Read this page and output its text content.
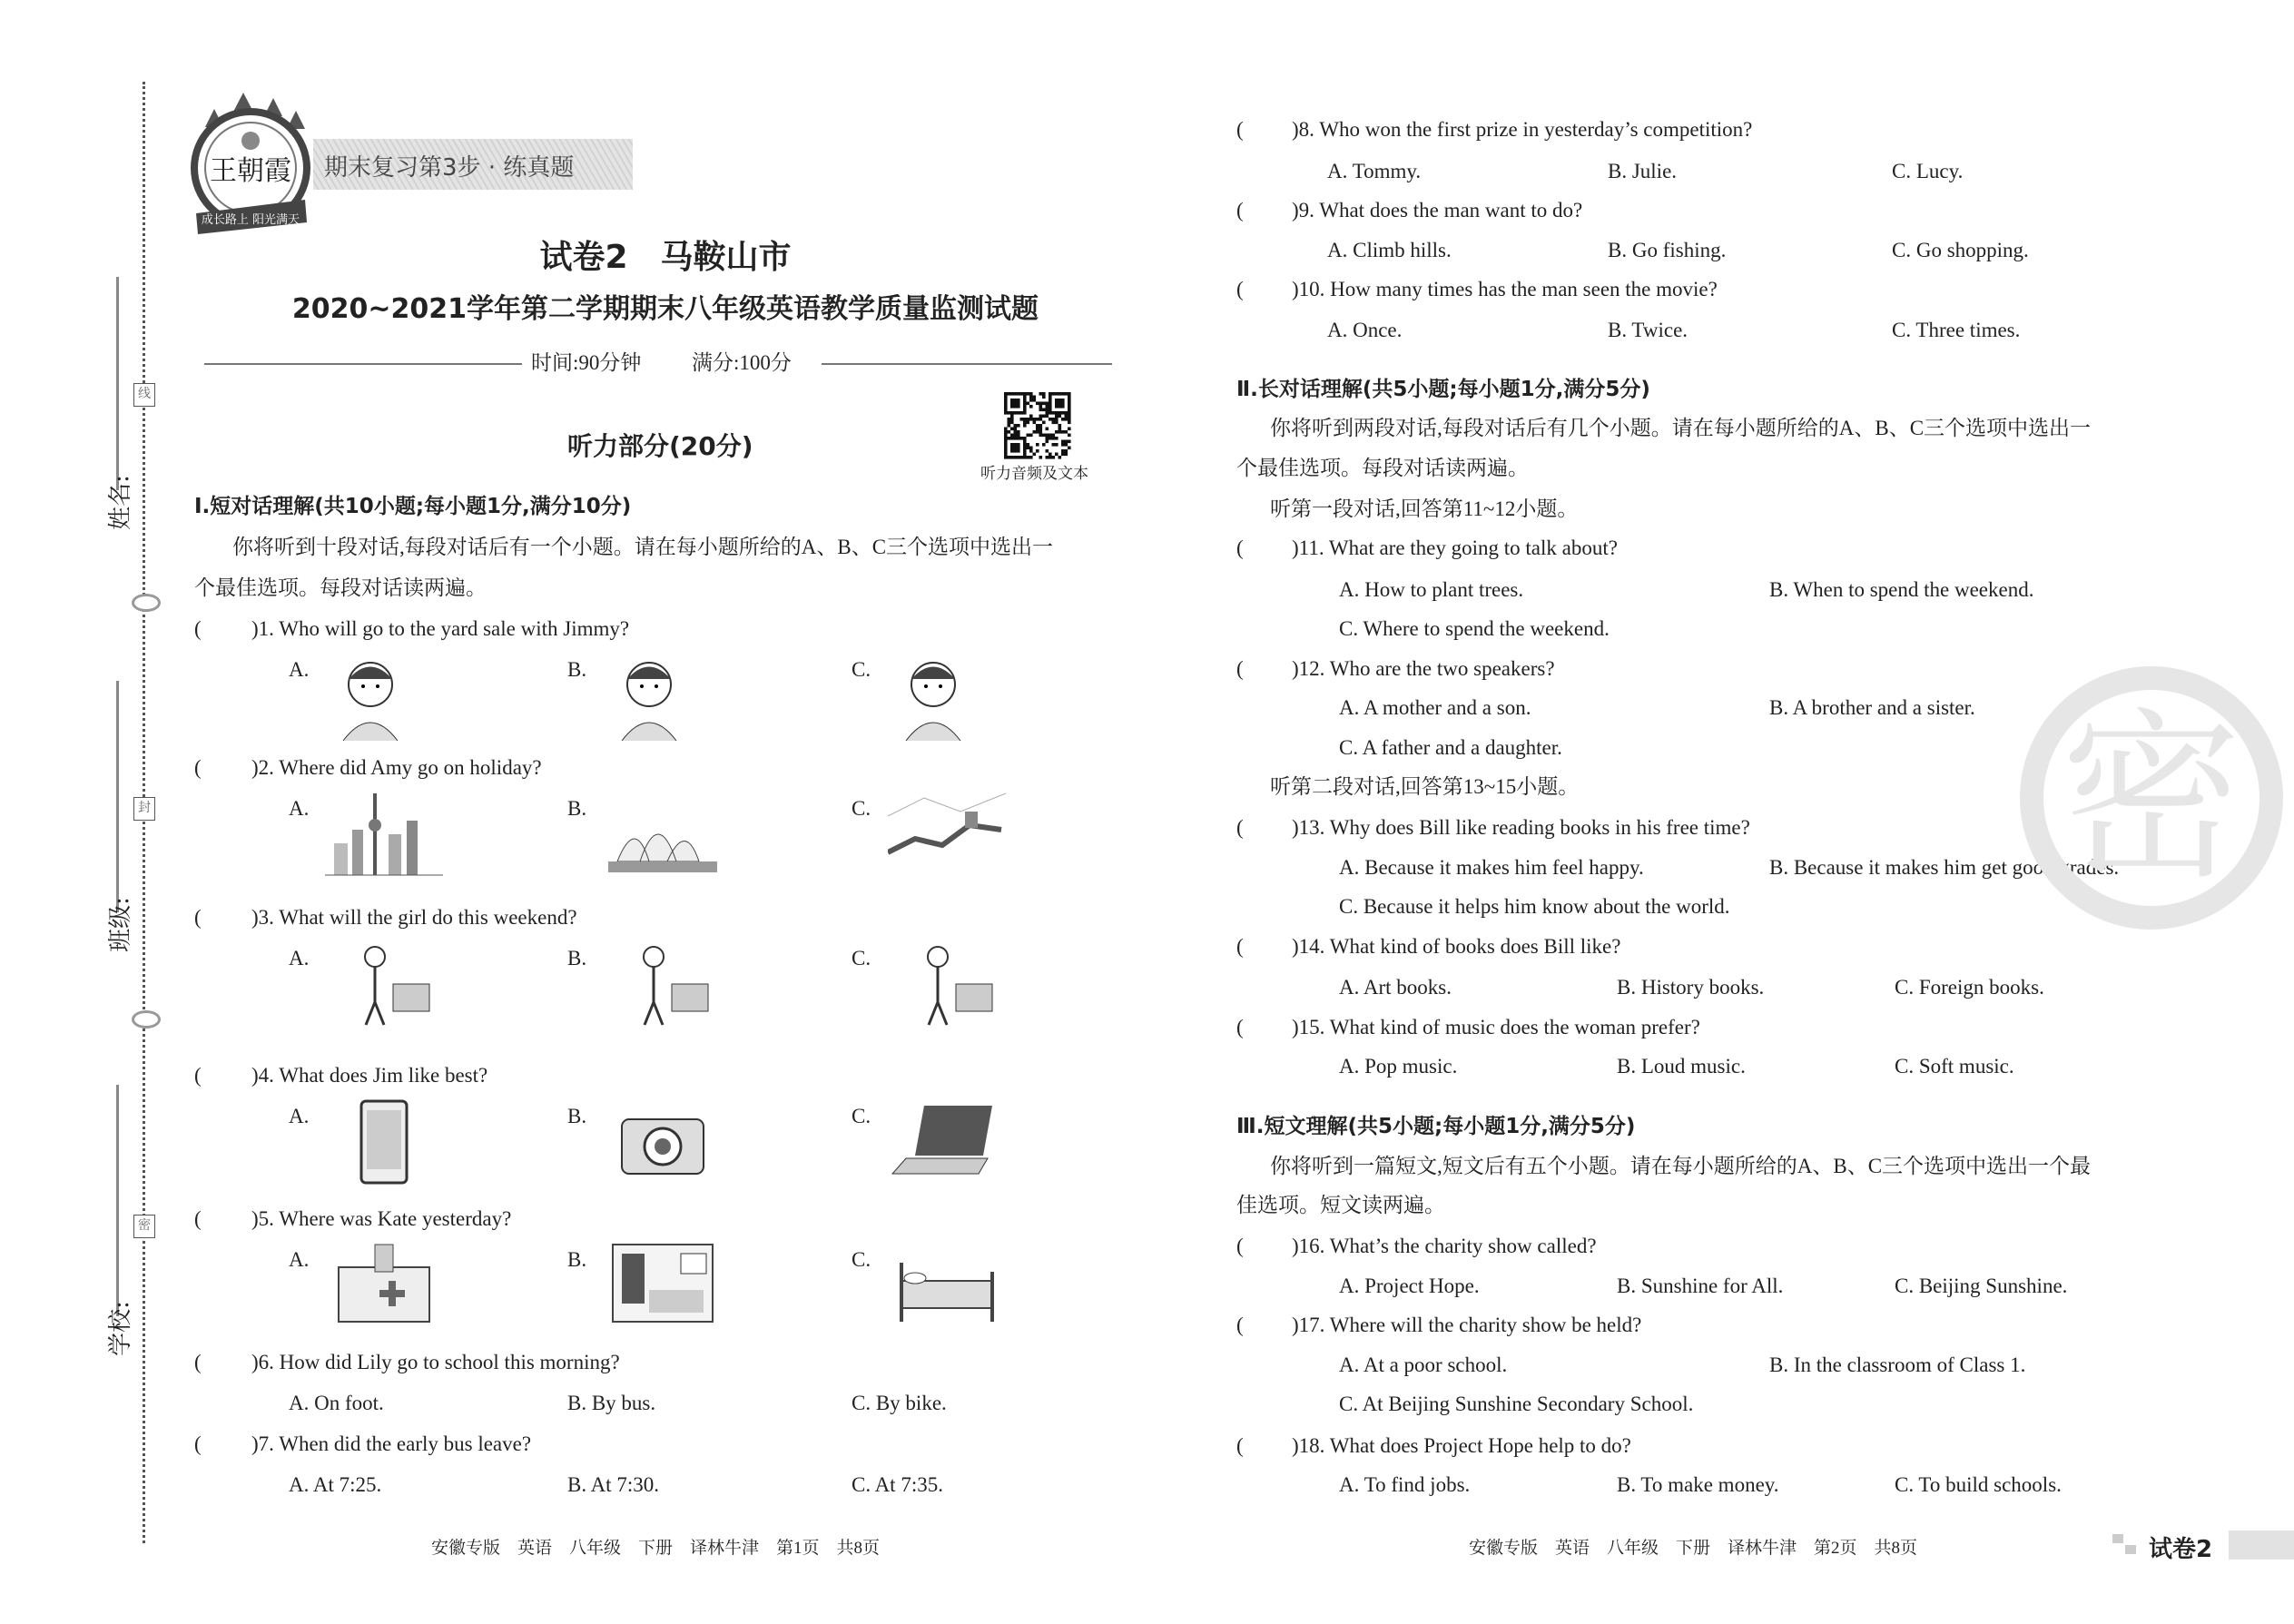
姓名:
班级:
学校:
线
封
密
王朝霞
成长路上 阳光满天
期末复习第3步 · 练真题
试卷2　马鞍山市
2020~2021学年第二学期期末八年级英语教学质量监测试题
时间:90分钟 满分:100分
听力部分(20分)
听力音频及文本
Ⅰ.短对话理解(共10小题;每小题1分,满分10分)
你将听到十段对话,每段对话后有一个小题。请在每小题所给的A、B、C三个选项中选出一
个最佳选项。每段对话读两遍。
(	) 1. Who will go to the yard sale with Jimmy?
A.	B.	C.
(	) 2. Where did Amy go on holiday?
A.	B.	C.
(	) 3. What will the girl do this weekend?
A.	B.	C.
(	) 4. What does Jim like best?
A.	B.	C.
(	) 5. Where was Kate yesterday?
A.	B.	C.
(	) 6. How did Lily go to school this morning?
A. On foot.	B. By bus.	C. By bike.
(	) 7. When did the early bus leave?
A. At 7:25.	B. At 7:30.	C. At 7:35.
(	) 8. Who won the first prize in yesterday’s competition?
A. Tommy.	B. Julie.	C. Lucy.
(	) 9. What does the man want to do?
A. Climb hills.	B. Go fishing.	C. Go shopping.
(	) 10. How many times has the man seen the movie?
A. Once.	B. Twice.	C. Three times.
Ⅱ.长对话理解(共5小题;每小题1分,满分5分)
你将听到两段对话,每段对话后有几个小题。请在每小题所给的A、B、C三个选项中选出一
个最佳选项。每段对话读两遍。
听第一段对话,回答第11~12小题。
听第二段对话,回答第13~15小题。
Ⅲ.短文理解(共5小题;每小题1分,满分5分)
你将听到一篇短文,短文后有五个小题。请在每小题所给的A、B、C三个选项中选出一个最
佳选项。短文读两遍。
(	) 11. What are they going to talk about?
A. How to plant trees.	B. When to spend the weekend.
C. Where to spend the weekend.
(	) 12. Who are the two speakers?
A. A mother and a son.	B. A brother and a sister.
C. A father and a daughter.
(	) 13. Why does Bill like reading books in his free time?
A. Because it makes him feel happy.	B. Because it makes him get good grades.
C. Because it helps him know about the world.
(	) 14. What kind of books does Bill like?
A. Art books.	B. History books.	C. Foreign books.
(	) 15. What kind of music does the woman prefer?
A. Pop music.	B. Loud music.	C. Soft music.
(	) 16. What’s the charity show called?
A. Project Hope.	B. Sunshine for All.	C. Beijing Sunshine.
(	) 17. Where will the charity show be held?
A. At a poor school.	B. In the classroom of Class 1.
C. At Beijing Sunshine Secondary School.
(	) 18. What does Project Hope help to do?
A. To find jobs.	B. To make money.	C. To build schools.
密
安徽专版　英语　八年级　下册　译林牛津　第1页　共8页	安徽专版　英语　八年级　下册　译林牛津　第2页　共8页	试卷2
